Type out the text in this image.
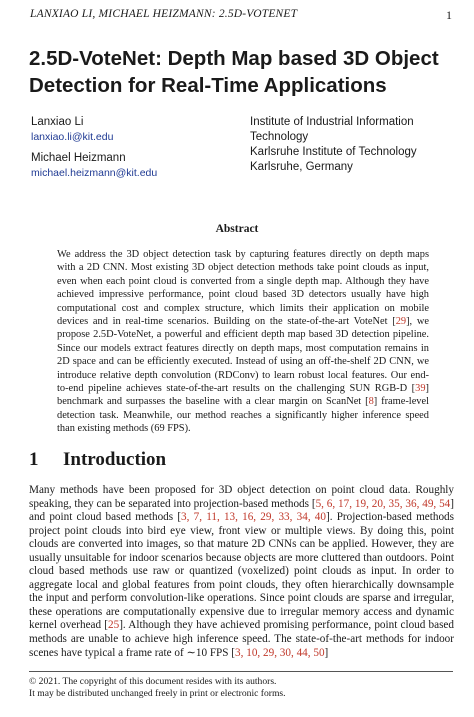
LANXIAO LI, MICHAEL HEIZMANN: 2.5D-VOTENET	1
2.5D-VoteNet: Depth Map based 3D Object Detection for Real-Time Applications
Lanxiao Li
lanxiao.li@kit.edu
Michael Heizmann
michael.heizmann@kit.edu
Institute of Industrial Information
Technology
Karlsruhe Institute of Technology
Karlsruhe, Germany
Abstract
We address the 3D object detection task by capturing features directly on depth maps with a 2D CNN. Most existing 3D object detection methods take point clouds as input, even when each point cloud is converted from a single depth map. Although they have achieved impressive performance, point cloud based 3D detectors usually have high computational cost and complex structure, which limits their application on mobile devices and in real-time scenarios. Building on the state-of-the-art VoteNet [29], we propose 2.5D-VoteNet, a powerful and efficient depth map based 3D detection pipeline. Since our models extract features directly on depth maps, most computation remains in 2D space and can be efficiently executed. Instead of using an off-the-shelf 2D CNN, we introduce relative depth convolution (RDConv) to learn robust local features. Our end-to-end pipeline achieves state-of-the-art results on the challenging SUN RGB-D [39] benchmark and surpasses the baseline with a clear margin on ScanNet [8] frame-level detection task. Meanwhile, our method reaches a significantly higher inference speed than existing methods (69 FPS).
1 Introduction
Many methods have been proposed for 3D object detection on point cloud data. Roughly speaking, they can be separated into projection-based methods [5, 6, 17, 19, 20, 35, 36, 49, 54] and point cloud based methods [3, 7, 11, 13, 16, 29, 33, 34, 40]. Projection-based methods project point clouds into bird eye view, front view or multiple views. By doing this, point clouds are converted into images, so that mature 2D CNNs can be applied. However, they are usually unsuitable for indoor scenarios because objects are more cluttered than outdoors. Point cloud based methods use raw or quantized (voxelized) point clouds as input. In order to aggregate local and global features from point clouds, they often hierarchically downsample the input and perform convolution-like operations. Since point clouds are sparse and irregular, these operations are computationally expensive due to irregular memory access and dynamic kernel overhead [25]. Although they have achieved promising performance, point cloud based methods are unable to achieve high inference speed. The state-of-the-art methods for indoor scenes have typical a frame rate of ∼10 FPS [3, 10, 29, 30, 44, 50]
© 2021. The copyright of this document resides with its authors.
It may be distributed unchanged freely in print or electronic forms.
